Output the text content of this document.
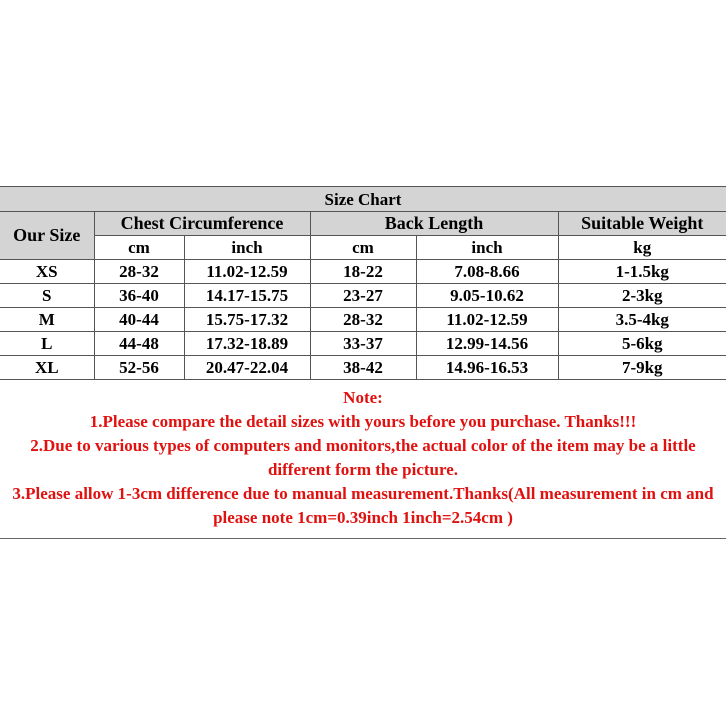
Size Chart					
Our Size	Chest Circumference		Back Length		Suitable Weight
	cm	inch	cm	inch	kg
XS	28-32	11.02-12.59	18-22	7.08-8.66	1-1.5kg
S	36-40	14.17-15.75	23-27	9.05-10.62	2-3kg
M	40-44	15.75-17.32	28-32	11.02-12.59	3.5-4kg
L	44-48	17.32-18.89	33-37	12.99-14.56	5-6kg
XL	52-56	20.47-22.04	38-42	14.96-16.53	7-9kg
Note:
1.Please compare the detail sizes with yours before you purchase. Thanks!!!
2.Due to various types of computers and monitors,the actual color of the item may be a little different form the picture.
3.Please allow 1-3cm difference due to manual measurement.Thanks(All measurement in cm and please note 1cm=0.39inch 1inch=2.54cm )
